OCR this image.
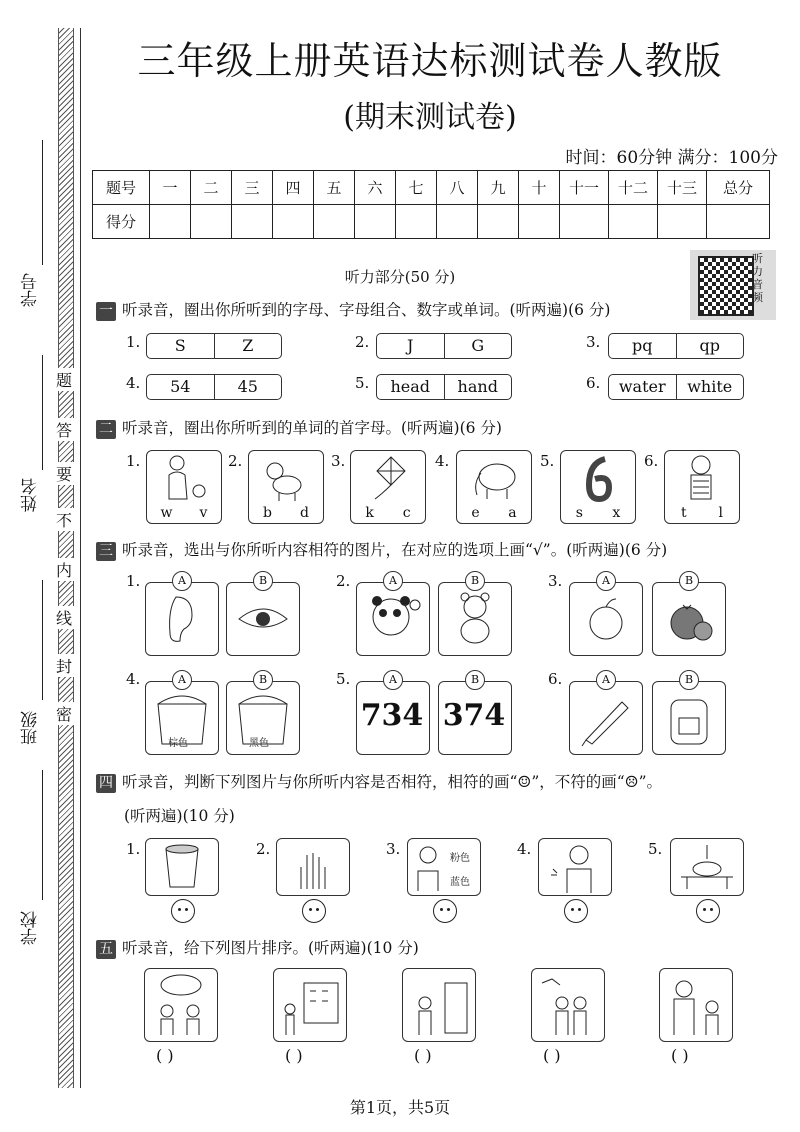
学号
姓名
班级
学校
题
答
要
不
内
线
封
密
三年级上册英语达标测试卷人教版
(期末测试卷)
时间：60分钟 满分：100分
题号	一	二	三	四	五	六	七	八	九	十	十一	十二	十三	总分
得分														
听力部分(50 分)
听力音频
一 听录音，圈出你所听到的字母、字母组合、数字或单词。(听两遍)(6 分)
1.	S	Z	2.	J	G	3.	pq	qp
4.	54	45	5.	head	hand	6.	water	white
二 听录音，圈出你所听到的单词的首字母。(听两遍)(6 分)
1.
w v
2.
b d
3.
k c
4.
e a
5.
s x
6.
t l
三 听录音，选出与你所听内容相符的图片，在对应的选项上画“√”。(听两遍)(6 分)
1.	A	B	2.	A	B	3.	A	B
4.
棕色
A
黑色
B	5.
734
A
374
B	6.	A	B
四 听录音，判断下列图片与你所听内容是否相符，相符的画“☺”，不符的画“☹”。
(听两遍)(10 分)
1.	2.	3.
粉色
蓝色
4.	5.
五 听录音，给下列图片排序。(听两遍)(10 分)
( )	( )	( )	( )	( )
第1页，共5页
